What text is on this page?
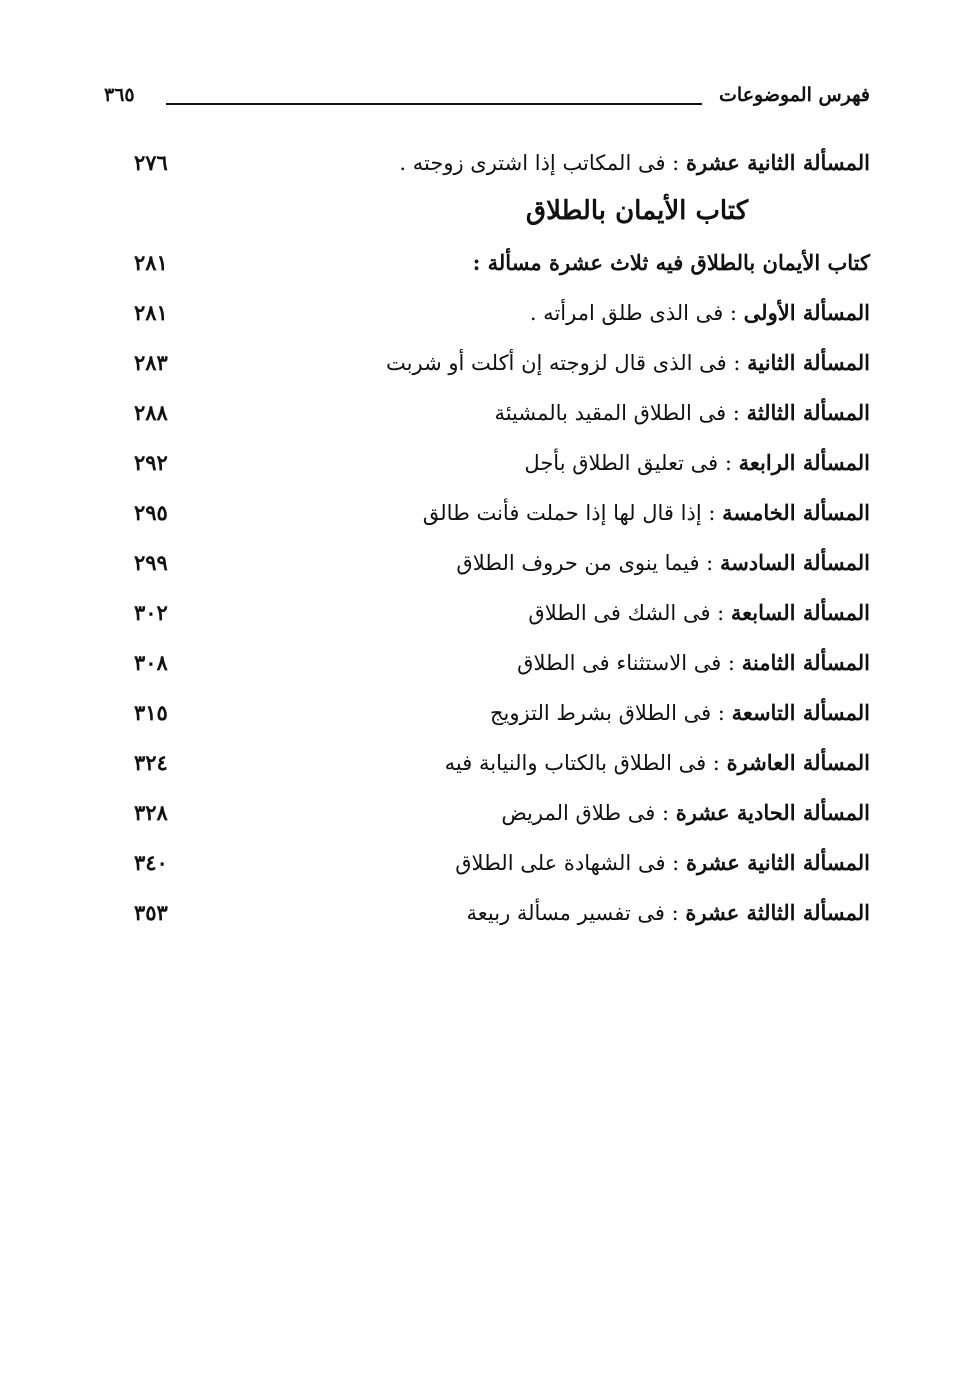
فهرس الموضوعات
٣٦٥
كتاب الأيمان بالطلاق
المسألة الثانية عشرة : فى المكاتب إذا اشترى زوجته .
٢٧٦
كتاب الأيمان بالطلاق فيه ثلاث عشرة مسألة :
٢٨١
المسألة الأولى : فى الذى طلق امرأته .
٢٨١
المسألة الثانية : فى الذى قال لزوجته إن أكلت أو شربت
٢٨٣
المسألة الثالثة : فى الطلاق المقيد بالمشيئة
٢٨٨
المسألة الرابعة : فى تعليق الطلاق بأجل
٢٩٢
المسألة الخامسة : إذا قال لها إذا حملت فأنت طالق
٢٩٥
المسألة السادسة : فيما ينوى من حروف الطلاق
٢٩٩
المسألة السابعة : فى الشك فى الطلاق
٣٠٢
المسألة الثامنة : فى الاستثناء فى الطلاق
٣٠٨
المسألة التاسعة : فى الطلاق بشرط التزويج
٣١٥
المسألة العاشرة : فى الطلاق بالكتاب والنيابة فيه
٣٢٤
المسألة الحادية عشرة : فى طلاق المريض
٣٢٨
المسألة الثانية عشرة : فى الشهادة على الطلاق
٣٤٠
المسألة الثالثة عشرة : فى تفسير مسألة ربيعة
٣٥٣
